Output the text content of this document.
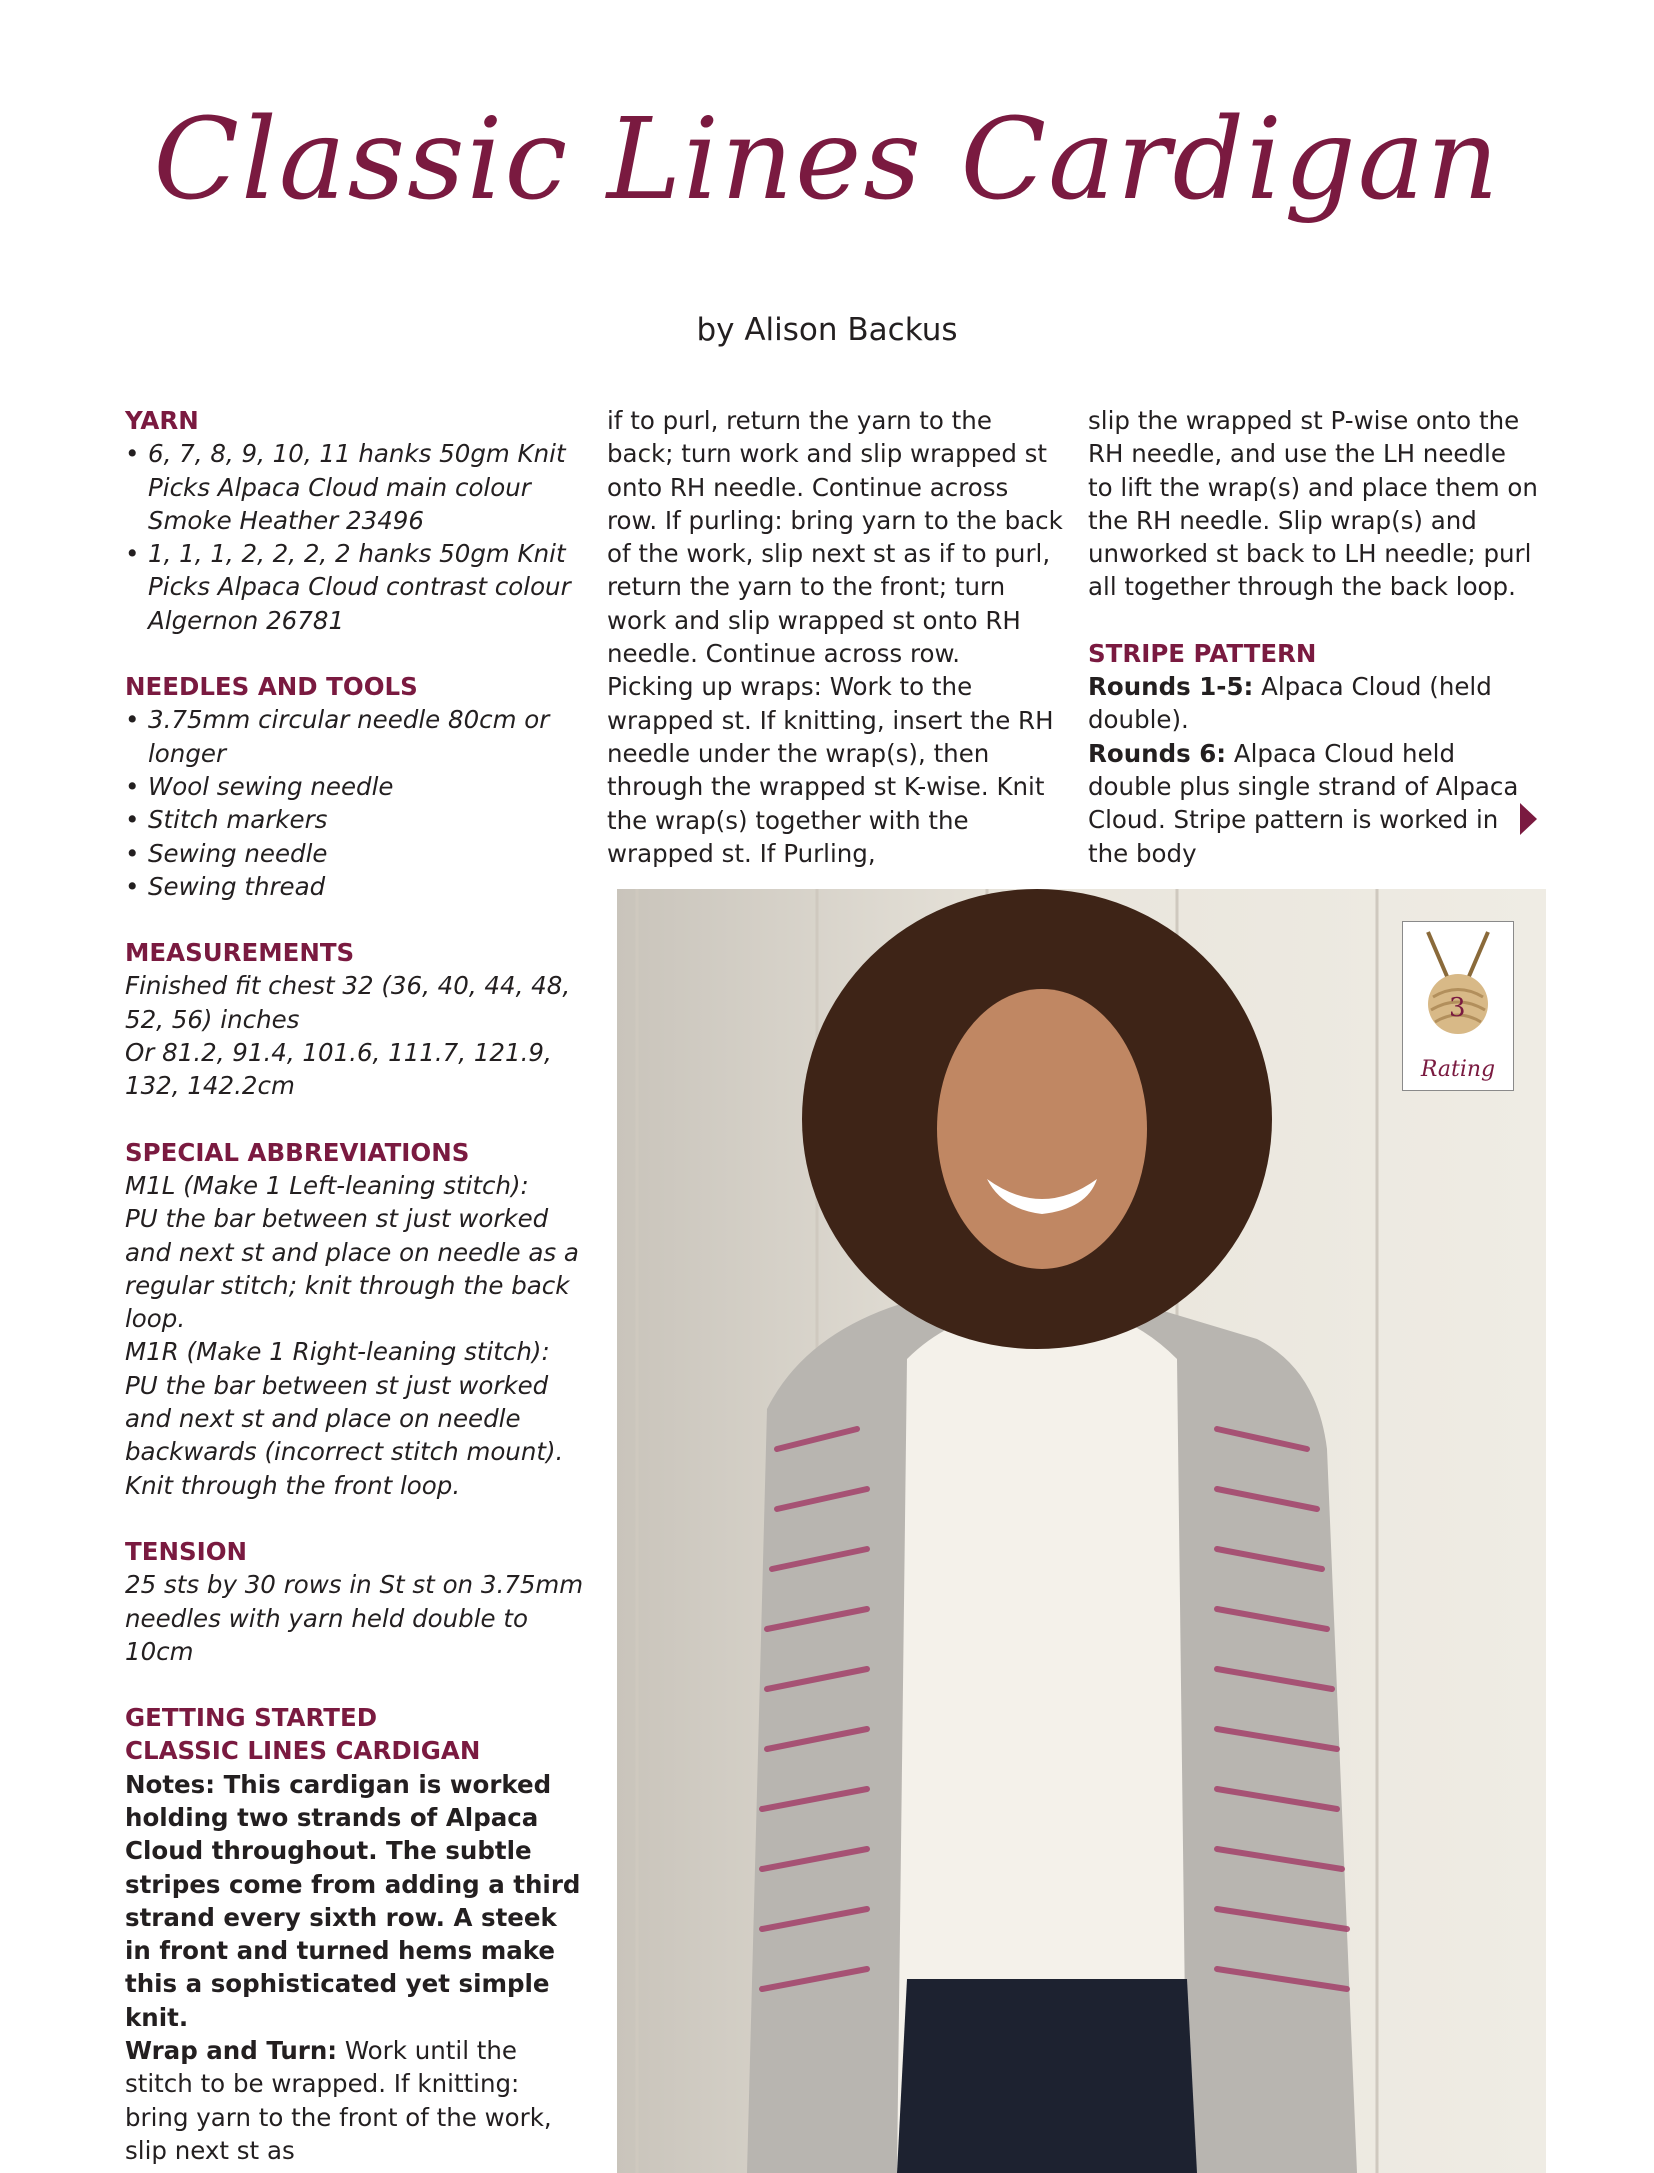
Classic Lines Cardigan
by Alison Backus
YARN
• 6, 7, 8, 9, 10, 11 hanks 50gm Knit Picks Alpaca Cloud main colour Smoke Heather 23496
• 1, 1, 1, 2, 2, 2, 2 hanks 50gm Knit Picks Alpaca Cloud contrast colour Algernon 26781
NEEDLES AND TOOLS
• 3.75mm circular needle 80cm or longer
• Wool sewing needle
• Stitch markers
• Sewing needle
• Sewing thread
MEASUREMENTS

Finished fit chest 32 (36, 40, 44, 48, 52, 56) inches

Or 81.2, 91.4, 101.6, 111.7, 121.9, 132, 142.2cm

SPECIAL ABBREVIATIONS

M1L (Make 1 Left-leaning stitch):

PU the bar between st just worked and next st and place on needle as a regular stitch; knit through the back loop.

M1R (Make 1 Right-leaning stitch): PU the bar between st just worked and next st and place on needle backwards (incorrect stitch mount). Knit through the front loop.

TENSION

25 sts by 30 rows in St st on 3.75mm needles with yarn held double to 10cm

GETTING STARTED
CLASSIC LINES CARDIGAN

Notes: This cardigan is worked holding two strands of Alpaca Cloud throughout. The subtle stripes come from adding a third strand every sixth row. A steek in front and turned hems make this a sophisticated yet simple knit.

Wrap and Turn: Work until the stitch to be wrapped. If knitting: bring yarn to the front of the work, slip next st as

if to purl, return the yarn to the back; turn work and slip wrapped st onto RH needle. Continue across row. If purling: bring yarn to the back of the work, slip next st as if to purl, return the yarn to the front; turn work and slip wrapped st onto RH needle. Continue across row.

Picking up wraps: Work to the wrapped st. If knitting, insert the RH needle under the wrap(s), then through the wrapped st K-wise. Knit the wrap(s) together with the wrapped st. If Purling,

slip the wrapped st P-wise onto the RH needle, and use the LH needle to lift the wrap(s) and place them on the RH needle. Slip wrap(s) and unworked st back to LH needle; purl all together through the back loop.

STRIPE PATTERN

Rounds 1-5: Alpaca Cloud (held double).

Rounds 6: Alpaca Cloud held double plus single strand of Alpaca Cloud. Stripe pattern is worked in the body

3
Rating
